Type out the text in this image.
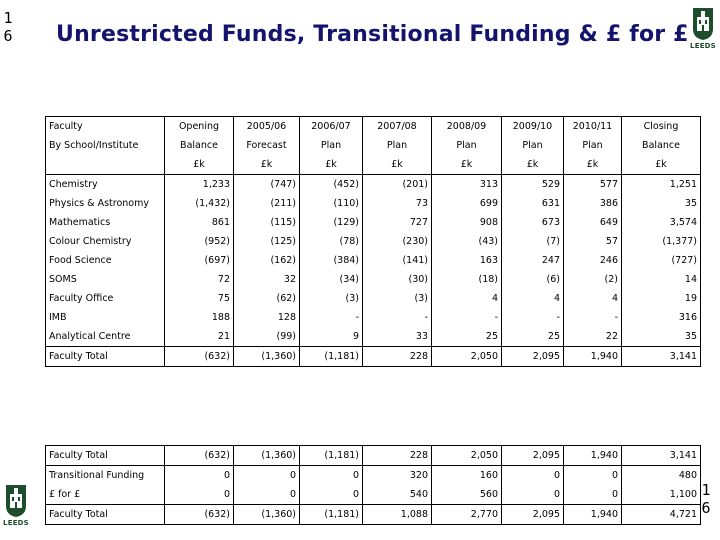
1
6 Unrestricted Funds, Transitional Funding & £ for £ LEEDS
LEEDS
Faculty	Opening	2005/06	2006/07	2007/08	2008/09	2009/10	2010/11	Closing
By School/Institute	Balance	Forecast	Plan	Plan	Plan	Plan	Plan	Balance
	£k	£k	£k	£k	£k	£k	£k	£k
Chemistry	1,233	(747)	(452)	(201)	313	529	577	1,251
Physics & Astronomy	(1,432)	(211)	(110)	73	699	631	386	35
Mathematics	861	(115)	(129)	727	908	673	649	3,574
Colour Chemistry	(952)	(125)	(78)	(230)	(43)	(7)	57	(1,377)
Food Science	(697)	(162)	(384)	(141)	163	247	246	(727)
SOMS	72	32	(34)	(30)	(18)	(6)	(2)	14
Faculty Office	75	(62)	(3)	(3)	4	4	4	19
IMB	188	128	-	-	-	-	-	316
Analytical Centre	21	(99)	9	33	25	25	22	35
Faculty Total	(632)	(1,360)	(1,181)	228	2,050	2,095	1,940	3,141
Faculty Total	(632)	(1,360)	(1,181)	228	2,050	2,095	1,940	3,141
Transitional Funding	0	0	0	320	160	0	0	480
£ for £	0	0	0	540	560	0	0	1,100
Faculty Total	(632)	(1,360)	(1,181)	1,088	2,770	2,095	1,940	4,721
1
6
